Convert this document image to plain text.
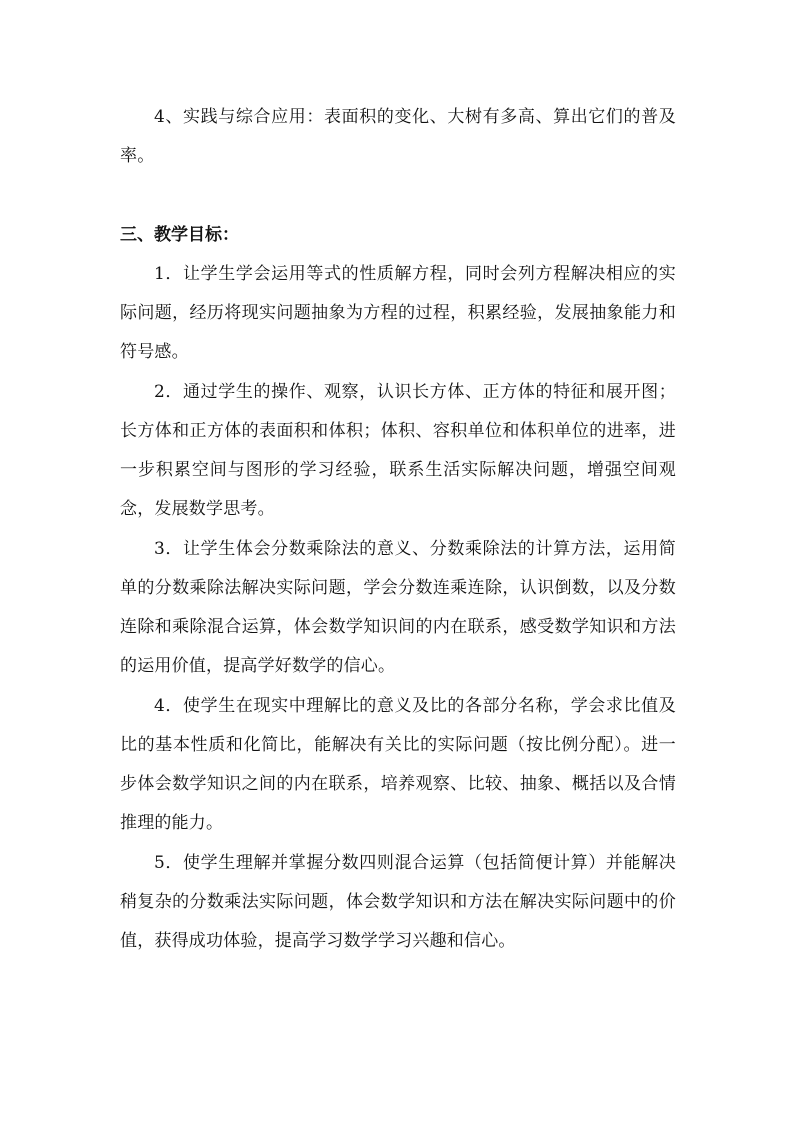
4、实践与综合应用：表面积的变化、大树有多高、算出它们的普及率。

三、教学目标：

1．让学生学会运用等式的性质解方程，同时会列方程解决相应的实际问题，经历将现实问题抽象为方程的过程，积累经验，发展抽象能力和符号感。

2．通过学生的操作、观察，认识长方体、正方体的特征和展开图；长方体和正方体的表面积和体积；体积、容积单位和体积单位的进率，进一步积累空间与图形的学习经验，联系生活实际解决问题，增强空间观念，发展数学思考。

3．让学生体会分数乘除法的意义、分数乘除法的计算方法，运用简单的分数乘除法解决实际问题，学会分数连乘连除，认识倒数，以及分数连除和乘除混合运算，体会数学知识间的内在联系，感受数学知识和方法的运用价值，提高学好数学的信心。

4．使学生在现实中理解比的意义及比的各部分名称，学会求比值及比的基本性质和化简比，能解决有关比的实际问题（按比例分配）。进一步体会数学知识之间的内在联系，培养观察、比较、抽象、概括以及合情推理的能力。

5．使学生理解并掌握分数四则混合运算（包括简便计算）并能解决稍复杂的分数乘法实际问题，体会数学知识和方法在解决实际问题中的价值，获得成功体验，提高学习数学学习兴趣和信心。
